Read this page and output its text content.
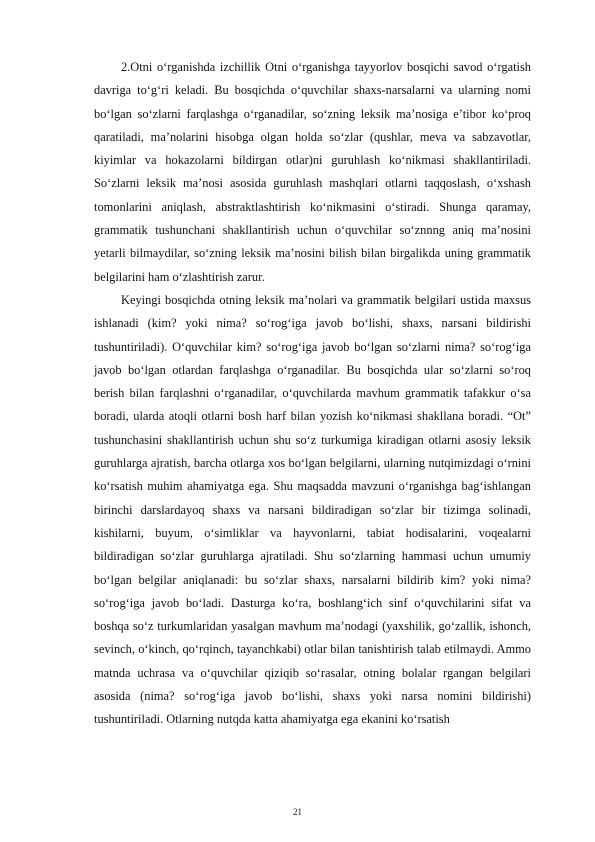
2.Otni o‘rganishda izchillik Otni o‘rganishga tayyorlov bosqichi savod o‘rgatish davriga to‘g‘ri keladi. Bu bosqichda o‘quvchilar shaxs-narsalarni va ularning nomi bo‘lgan so‘zlarni farqlashga o‘rganadilar, so‘zning leksik ma’nosiga e’tibor ko‘proq qaratiladi, ma’nolarini hisobga olgan holda so‘zlar (qushlar, meva va sabzavotlar, kiyimlar va hokazolarni bildirgan otlar)ni guruhlash ko‘nikmasi shakllantiriladi. So‘zlarni leksik ma’nosi asosida guruhlash mashqlari otlarni taqqoslash, o‘xshash tomonlarini aniqlash, abstraktlashtirish ko‘nikmasini o‘stiradi. Shunga qaramay, grammatik tushunchani shakllantirish uchun o‘quvchilar so‘znnng aniq ma’nosini yetarli bilmaydilar, so‘zning leksik ma’nosini bilish bilan birgalikda uning grammatik belgilarini ham o‘zlashtirish zarur.

Keyingi bosqichda otning leksik ma’nolari va grammatik belgilari ustida maxsus ishlanadi (kim? yoki nima? so‘rog‘iga javob bo‘lishi, shaxs, narsani bildirishi tushuntiriladi). O‘quvchilar kim? so‘rog‘iga javob bo‘lgan so‘zlarni nima? so‘rog‘iga javob bo‘lgan otlardan farqlashga o‘rganadilar. Bu bosqichda ular so‘zlarni so‘roq berish bilan farqlashni o‘rganadilar, o‘quvchilarda mavhum grammatik tafakkur o‘sa boradi, ularda atoqli otlarni bosh harf bilan yozish ko‘nikmasi shakllana boradi. “Ot” tushunchasini shakllantirish uchun shu so‘z turkumiga kiradigan otlarni asosiy leksik guruhlarga ajratish, barcha otlarga xos bo‘lgan belgilarni, ularning nutqimizdagi o‘rnini ko‘rsatish muhim ahamiyatga ega. Shu maqsadda mavzuni o‘rganishga bag‘ishlangan birinchi darslardayoq shaxs va narsani bildiradigan so‘zlar bir tizimga solinadi, kishilarni, buyum, o‘simliklar va hayvonlarni, tabiat hodisalarini, voqealarni bildiradigan so‘zlar guruhlarga ajratiladi. Shu so‘zlarning hammasi uchun umumiy bo‘lgan belgilar aniqlanadi: bu so‘zlar shaxs, narsalarni bildirib kim? yoki nima? so‘rog‘iga javob bo‘ladi. Dasturga ko‘ra, boshlang‘ich sinf o‘quvchilarini sifat va boshqa so‘z turkumlaridan yasalgan mavhum ma’nodagi (yaxshilik, go‘zallik, ishonch, sevinch, o‘kinch, qo‘rqinch, tayanchkabi) otlar bilan tanishtirish talab etilmaydi. Ammo matnda uchrasa va o‘quvchilar qiziqib so‘rasalar, otning bolalar rgangan belgilari asosida (nima? so‘rog‘iga javob bo‘lishi, shaxs yoki narsa nomini bildirishi) tushuntiriladi. Otlarning nutqda katta ahamiyatga ega ekanini ko‘rsatish

21
